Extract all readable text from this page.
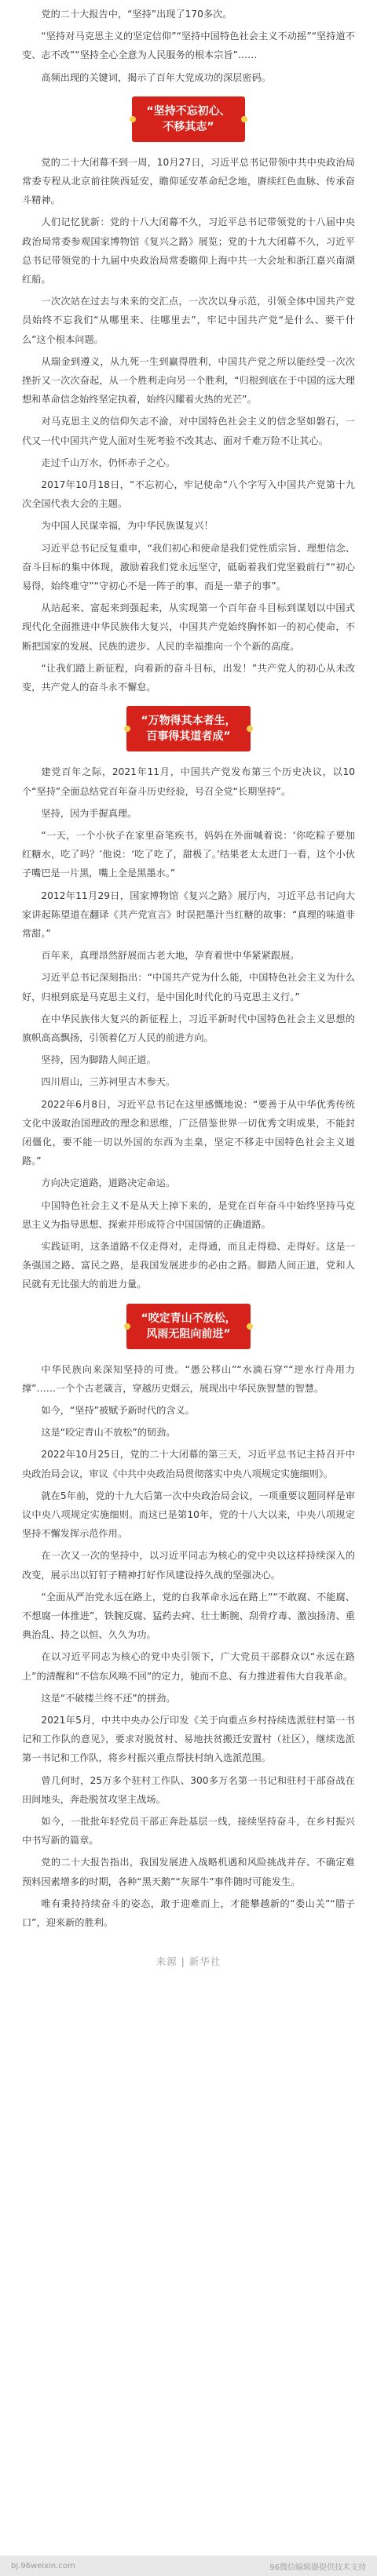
党的二十大报告中，“坚持”出现了170多次。

“坚持对马克思主义的坚定信仰”“坚持中国特色社会主义不动摇”“坚持道不变、志不改”“坚持全心全意为人民服务的根本宗旨”……

高频出现的关键词，揭示了百年大党成功的深层密码。

“坚持不忘初心、
不移其志”

党的二十大闭幕不到一周，10月27日，习近平总书记带领中共中央政治局常委专程从北京前往陕西延安，瞻仰延安革命纪念地，赓续红色血脉、传承奋斗精神。

人们记忆犹新：党的十八大闭幕不久，习近平总书记带领党的十八届中央政治局常委参观国家博物馆《复兴之路》展览；党的十九大闭幕不久，习近平总书记带领党的十九届中央政治局常委瞻仰上海中共一大会址和浙江嘉兴南湖红船。

一次次站在过去与未来的交汇点，一次次以身示范，引领全体中国共产党员始终不忘我们“从哪里来、往哪里去”，牢记中国共产党“是什么、要干什么”这个根本问题。

从瑞金到遵义，从九死一生到赢得胜利，中国共产党之所以能经受一次次挫折又一次次奋起，从一个胜利走向另一个胜利，“归根到底在于中国的远大理想和革命信念始终坚定执着，始终闪耀着火热的光芒”。

对马克思主义的信仰矢志不渝，对中国特色社会主义的信念坚如磐石，一代又一代中国共产党人面对生死考验不改其志、面对千难万险不让其心。

走过千山万水，仍怀赤子之心。

2017年10月18日，“不忘初心，牢记使命”八个字写入中国共产党第十九次全国代表大会的主题。

为中国人民谋幸福，为中华民族谋复兴！

习近平总书记反复重申，“我们初心和使命是我们党性质宗旨、理想信念、奋斗目标的集中体现，激励着我们党永远坚守，砥砺着我们党坚毅前行”“初心易得，始终难守”“守初心不是一阵子的事，而是一辈子的事”。

从站起来、富起来到强起来，从实现第一个百年奋斗目标到谋划以中国式现代化全面推进中华民族伟大复兴，中国共产党始终胸怀如一的初心使命，不断把国家的发展、民族的进步、人民的幸福推向一个个新的高度。

“让我们踏上新征程，向着新的奋斗目标，出发！”共产党人的初心从未改变，共产党人的奋斗永不懈怠。

“万物得其本者生，
百事得其道者成”

建党百年之际，2021年11月，中国共产党发布第三个历史决议，以10个“坚持”全面总结党百年奋斗历史经验，号召全党“长期坚持”。

坚持，因为手握真理。

“一天，一个小伙子在家里奋笔疾书，妈妈在外面喊着说：‘你吃粽子要加红糖水，吃了吗？’他说：‘吃了吃了，甜极了。’结果老太太进门一看，这个小伙子嘴巴是一片黑，嘴上全是黑墨水。”

2012年11月29日，国家博物馆《复兴之路》展厅内，习近平总书记向大家讲起陈望道在翻译《共产党宣言》时误把墨汁当红糖的故事：“真理的味道非常甜。”

百年来，真理昂然舒展而古老大地，孕育着世中华紧紧跟展。

习近平总书记深刻指出：“中国共产党为什么能，中国特色社会主义为什么好，归根到底是马克思主义行，是中国化时代化的马克思主义行。”

在中华民族伟大复兴的新征程上，习近平新时代中国特色社会主义思想的旗帜高高飘扬，引领着亿万人民的前进方向。

坚持，因为脚踏人间正道。

四川眉山，三苏祠里古木参天。

2022年6月8日，习近平总书记在这里感慨地说：“要善于从中华优秀传统文化中汲取治国理政的理念和思维，广泛借鉴世界一切优秀文明成果，不能封闭僵化，要不能一切以外国的东西为圭臬，坚定不移走中国特色社会主义道路。”

方向决定道路，道路决定命运。

中国特色社会主义不是从天上掉下来的，是党在百年奋斗中始终坚持马克思主义为指导思想、探索并形成符合中国国情的正确道路。

实践证明，这条道路不仅走得对，走得通，而且走得稳、走得好。这是一条强国之路、富民之路，是我国发展进步的必由之路。脚踏人间正道，党和人民就有无比强大的前进力量。

“咬定青山不放松，
风雨无阻向前进”

中华民族向来深知坚持的可贵。“愚公移山”“水滴石穿”“逆水行舟用力撑”……一个个古老箴言，穿越历史烟云，展现出中华民族智慧的智慧。

如今，“坚持”被赋予新时代的含义。

这是“咬定青山不放松”的韧劲。

2022年10月25日，党的二十大闭幕的第三天，习近平总书记主持召开中央政治局会议，审议《中共中央政治局贯彻落实中央八项规定实施细则》。

就在5年前，党的十九大后第一次中央政治局会议，一项重要议题同样是审议中央八项规定实施细则。而这已是第10年，党的十八大以来，中央八项规定坚持不懈发挥示范作用。

在一次又一次的坚持中，以习近平同志为核心的党中央以这样持续深入的改变，展示出以钉钉子精神打好作风建设持久战的坚强决心。

“全面从严治党永远在路上，党的自我革命永远在路上”“不敢腐、不能腐、不想腐一体推进”，铁腕反腐、猛药去疴、壮士断腕、刮骨疗毒、激浊扬清、重典治乱、持之以恒、久久为功。

在以习近平同志为核心的党中央引领下，广大党员干部群众以“永远在路上”的清醒和“不信东风唤不回”的定力，驰而不息、有力推进着伟大自我革命。

这是“不破楼兰终不还”的拼劲。

2021年5月，中共中央办公厅印发《关于向重点乡村持续选派驻村第一书记和工作队的意见》，要求对脱贫村、易地扶贫搬迁安置村（社区），继续选派第一书记和工作队，将乡村振兴重点帮扶村纳入选派范围。

曾几何时，25万多个驻村工作队、300多万名第一书记和驻村干部奋战在田间地头，奔赴脱贫攻坚主战场。

如今，一批批年轻党员干部正奔赴基层一线，接续坚持奋斗，在乡村振兴中书写新的篇章。

党的二十大报告指出，我国发展进入战略机遇和风险挑战并存、不确定难预料因素增多的时期，各种“黑天鹅”“灰犀牛”事件随时可能发生。

唯有秉持持续奋斗的姿态，敢于迎难而上，才能攀越新的“娄山关”“腊子口”，迎来新的胜利。

来源 | 新华社
bj.96weixin.com	96微信编辑器提供技术支持
